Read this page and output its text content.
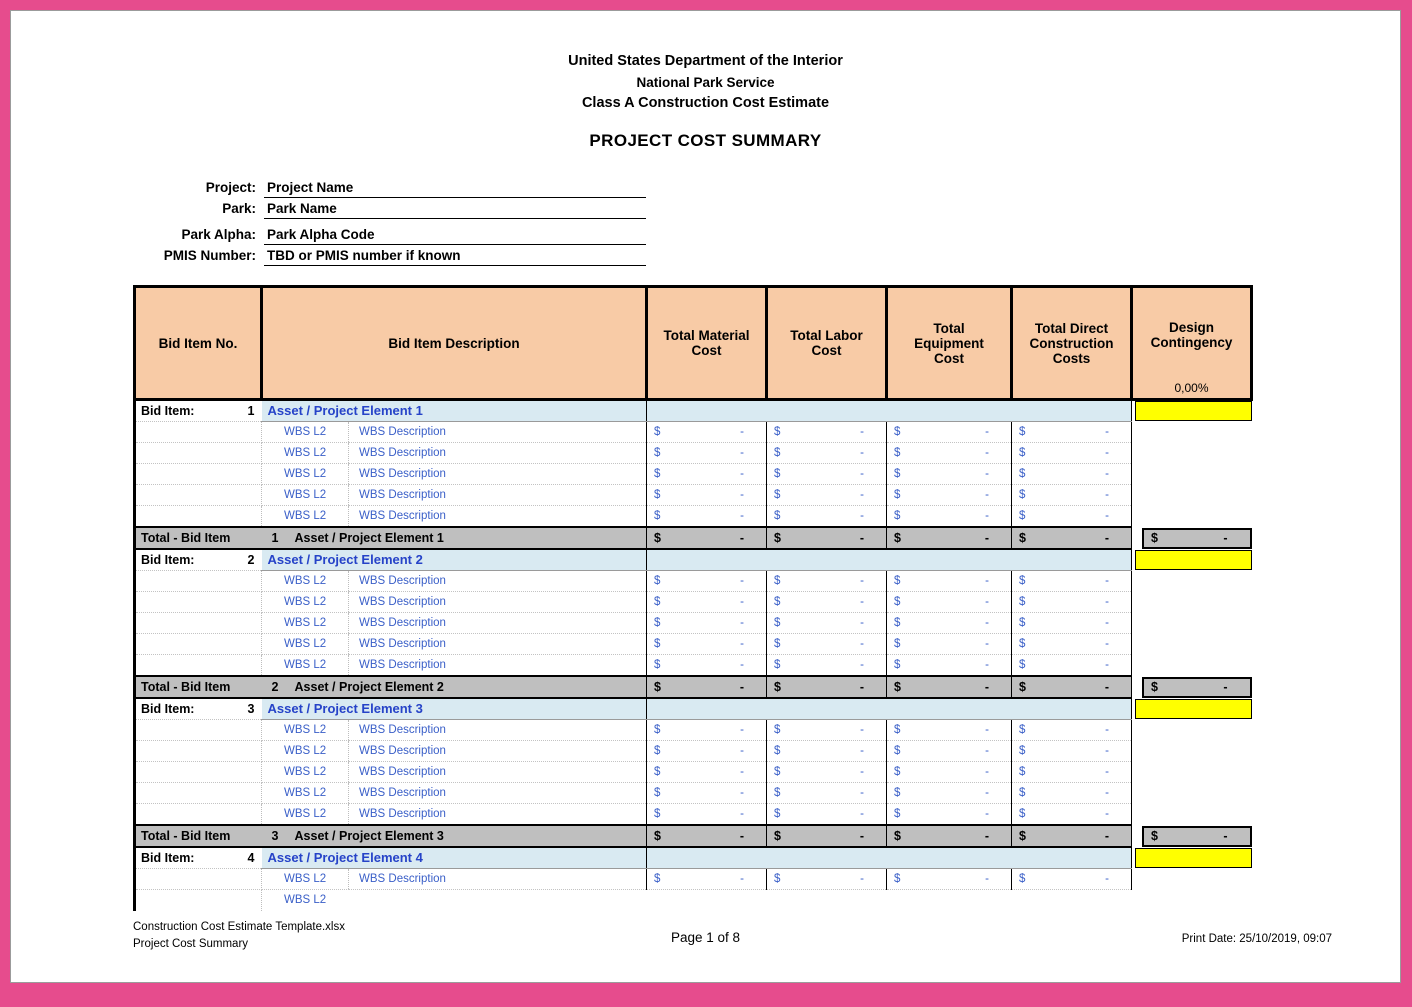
United States Department of the Interior
National Park Service
Class A Construction Cost Estimate
PROJECT COST SUMMARY
Project: Project Name
Park: Park Name
Park Alpha: Park Alpha Code
PMIS Number: TBD or PMIS number if known
Bid Item No.	Bid Item Description		Total Material Cost	Total Labor Cost	Total Equipment Cost	Total Direct Construction Costs	Design Contingency
0,00%

Bid Item: 1	Asset / Project Element 1						

	WBS L2	WBS Description	$ -	$ -	$ -	$ -	

	WBS L2	WBS Description	$ -	$ -	$ -	$ -	

	WBS L2	WBS Description	$ -	$ -	$ -	$ -	

	WBS L2	WBS Description	$ -	$ -	$ -	$ -	

	WBS L2	WBS Description	$ -	$ -	$ -	$ -	

Total - Bid Item	1 Asset / Project Element 1		$ -	$ -	$ -	$ -	$ -

Bid Item: 2	Asset / Project Element 2						

	WBS L2	WBS Description	$ -	$ -	$ -	$ -	

	WBS L2	WBS Description	$ -	$ -	$ -	$ -	

	WBS L2	WBS Description	$ -	$ -	$ -	$ -	

	WBS L2	WBS Description	$ -	$ -	$ -	$ -	

	WBS L2	WBS Description	$ -	$ -	$ -	$ -	

Total - Bid Item	2 Asset / Project Element 2		$ -	$ -	$ -	$ -	$ -

Bid Item: 3	Asset / Project Element 3						

	WBS L2	WBS Description	$ -	$ -	$ -	$ -	

	WBS L2	WBS Description	$ -	$ -	$ -	$ -	

	WBS L2	WBS Description	$ -	$ -	$ -	$ -	

	WBS L2	WBS Description	$ -	$ -	$ -	$ -	

	WBS L2	WBS Description	$ -	$ -	$ -	$ -	

Total - Bid Item	3 Asset / Project Element 3		$ -	$ -	$ -	$ -	$ -

Bid Item: 4	Asset / Project Element 4						

	WBS L2	WBS Description	$ -	$ -	$ -	$ -	

	WBS L2						
Construction Cost Estimate Template.xlsx
Project Cost Summary	Page 1 of 8	Print Date: 25/10/2019, 09:07
